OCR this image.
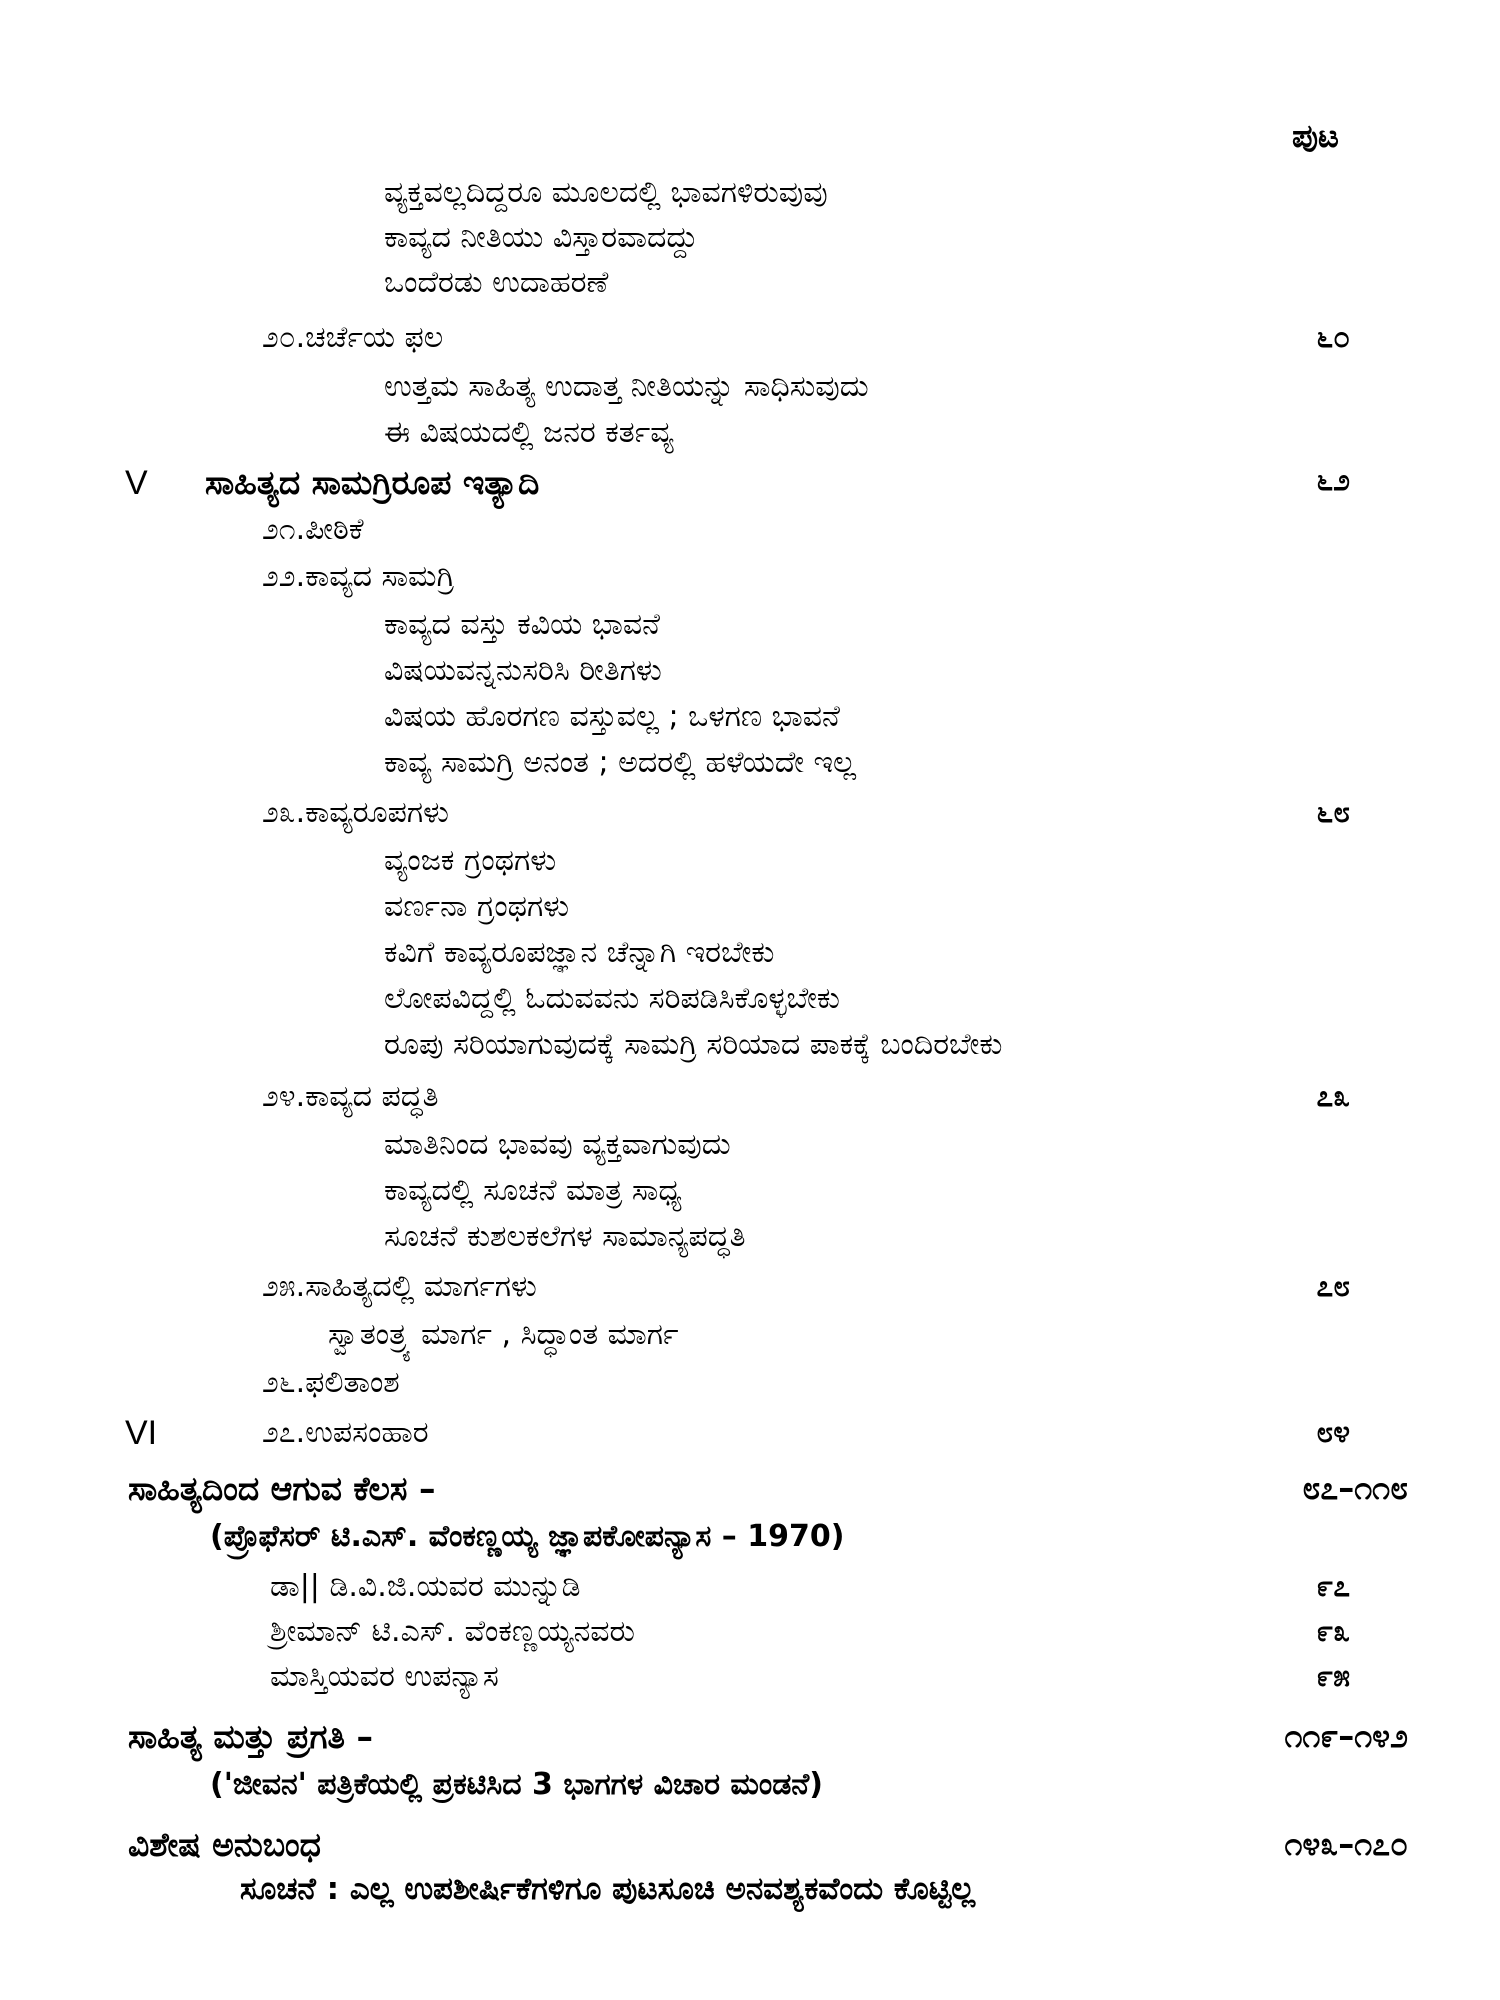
ಪುಟ
ವ್ಯಕ್ತವಲ್ಲದಿದ್ದರೂ ಮೂಲದಲ್ಲಿ ಭಾವಗಳಿರುವುವು
ಕಾವ್ಯದ ನೀತಿಯು ವಿಸ್ತಾರವಾದದ್ದು
ಒಂದೆರಡು ಉದಾಹರಣೆ
೨೦.ಚರ್ಚೆಯ ಫಲ	೬೦
ಉತ್ತಮ ಸಾಹಿತ್ಯ ಉದಾತ್ತ ನೀತಿಯನ್ನು ಸಾಧಿಸುವುದು
ಈ ವಿಷಯದಲ್ಲಿ ಜನರ ಕರ್ತವ್ಯ
V ಸಾಹಿತ್ಯದ ಸಾಮಗ್ರಿರೂಪ ಇತ್ಯಾದಿ	೬೨
೨೧.ಪೀಠಿಕೆ
೨೨.ಕಾವ್ಯದ ಸಾಮಗ್ರಿ
ಕಾವ್ಯದ ವಸ್ತು ಕವಿಯ ಭಾವನೆ
ವಿಷಯವನ್ನನುಸರಿಸಿ ರೀತಿಗಳು
ವಿಷಯ ಹೊರಗಣ ವಸ್ತುವಲ್ಲ ; ಒಳಗಣ ಭಾವನೆ
ಕಾವ್ಯ ಸಾಮಗ್ರಿ ಅನಂತ ; ಅದರಲ್ಲಿ ಹಳೆಯದೇ ಇಲ್ಲ
೨೩.ಕಾವ್ಯರೂಪಗಳು	೬೮
ವ್ಯಂಜಕ ಗ್ರಂಥಗಳು
ವರ್ಣನಾ ಗ್ರಂಥಗಳು
ಕವಿಗೆ ಕಾವ್ಯರೂಪಜ್ಞಾನ ಚೆನ್ನಾಗಿ ಇರಬೇಕು
ಲೋಪವಿದ್ದಲ್ಲಿ ಓದುವವನು ಸರಿಪಡಿಸಿಕೊಳ್ಳಬೇಕು
ರೂಪು ಸರಿಯಾಗುವುದಕ್ಕೆ ಸಾಮಗ್ರಿ ಸರಿಯಾದ ಪಾಕಕ್ಕೆ ಬಂದಿರಬೇಕು
೨೪.ಕಾವ್ಯದ ಪದ್ಧತಿ	೭೩
ಮಾತಿನಿಂದ ಭಾವವು ವ್ಯಕ್ತವಾಗುವುದು
ಕಾವ್ಯದಲ್ಲಿ ಸೂಚನೆ ಮಾತ್ರ ಸಾಧ್ಯ
ಸೂಚನೆ ಕುಶಲಕಲೆಗಳ ಸಾಮಾನ್ಯಪದ್ಧತಿ
೨೫.ಸಾಹಿತ್ಯದಲ್ಲಿ ಮಾರ್ಗಗಳು	೭೮
ಸ್ವಾತಂತ್ರ್ಯ ಮಾರ್ಗ , ಸಿದ್ಧಾಂತ ಮಾರ್ಗ
೨೬.ಫಲಿತಾಂಶ
VI	೨೭.ಉಪಸಂಹಾರ	೮೪
ಸಾಹಿತ್ಯದಿಂದ ಆಗುವ ಕೆಲಸ –	೮೭–೧೧೮
(ಪ್ರೊಫೆಸರ್ ಟಿ.ಎಸ್. ವೆಂಕಣ್ಣಯ್ಯ ಜ್ಞಾಪಕೋಪನ್ಯಾಸ – 1970)
ಡಾ|| ಡಿ.ವಿ.ಜಿ.ಯವರ ಮುನ್ನುಡಿ	೯೭
ಶ್ರೀಮಾನ್ ಟಿ.ಎಸ್. ವೆಂಕಣ್ಣಯ್ಯನವರು	೯೩
ಮಾಸ್ತಿಯವರ ಉಪನ್ಯಾಸ	೯೫
ಸಾಹಿತ್ಯ ಮತ್ತು ಪ್ರಗತಿ –	೧೧೯–೧೪೨
('ಜೀವನ' ಪತ್ರಿಕೆಯಲ್ಲಿ ಪ್ರಕಟಿಸಿದ 3 ಭಾಗಗಳ ವಿಚಾರ ಮಂಡನೆ)
ವಿಶೇಷ ಅನುಬಂಧ	೧೪೩–೧೭೦
ಸೂಚನೆ : ಎಲ್ಲ ಉಪಶೀರ್ಷಿಕೆಗಳಿಗೂ ಪುಟಸೂಚಿ ಅನವಶ್ಯಕವೆಂದು ಕೊಟ್ಟಿಲ್ಲ
